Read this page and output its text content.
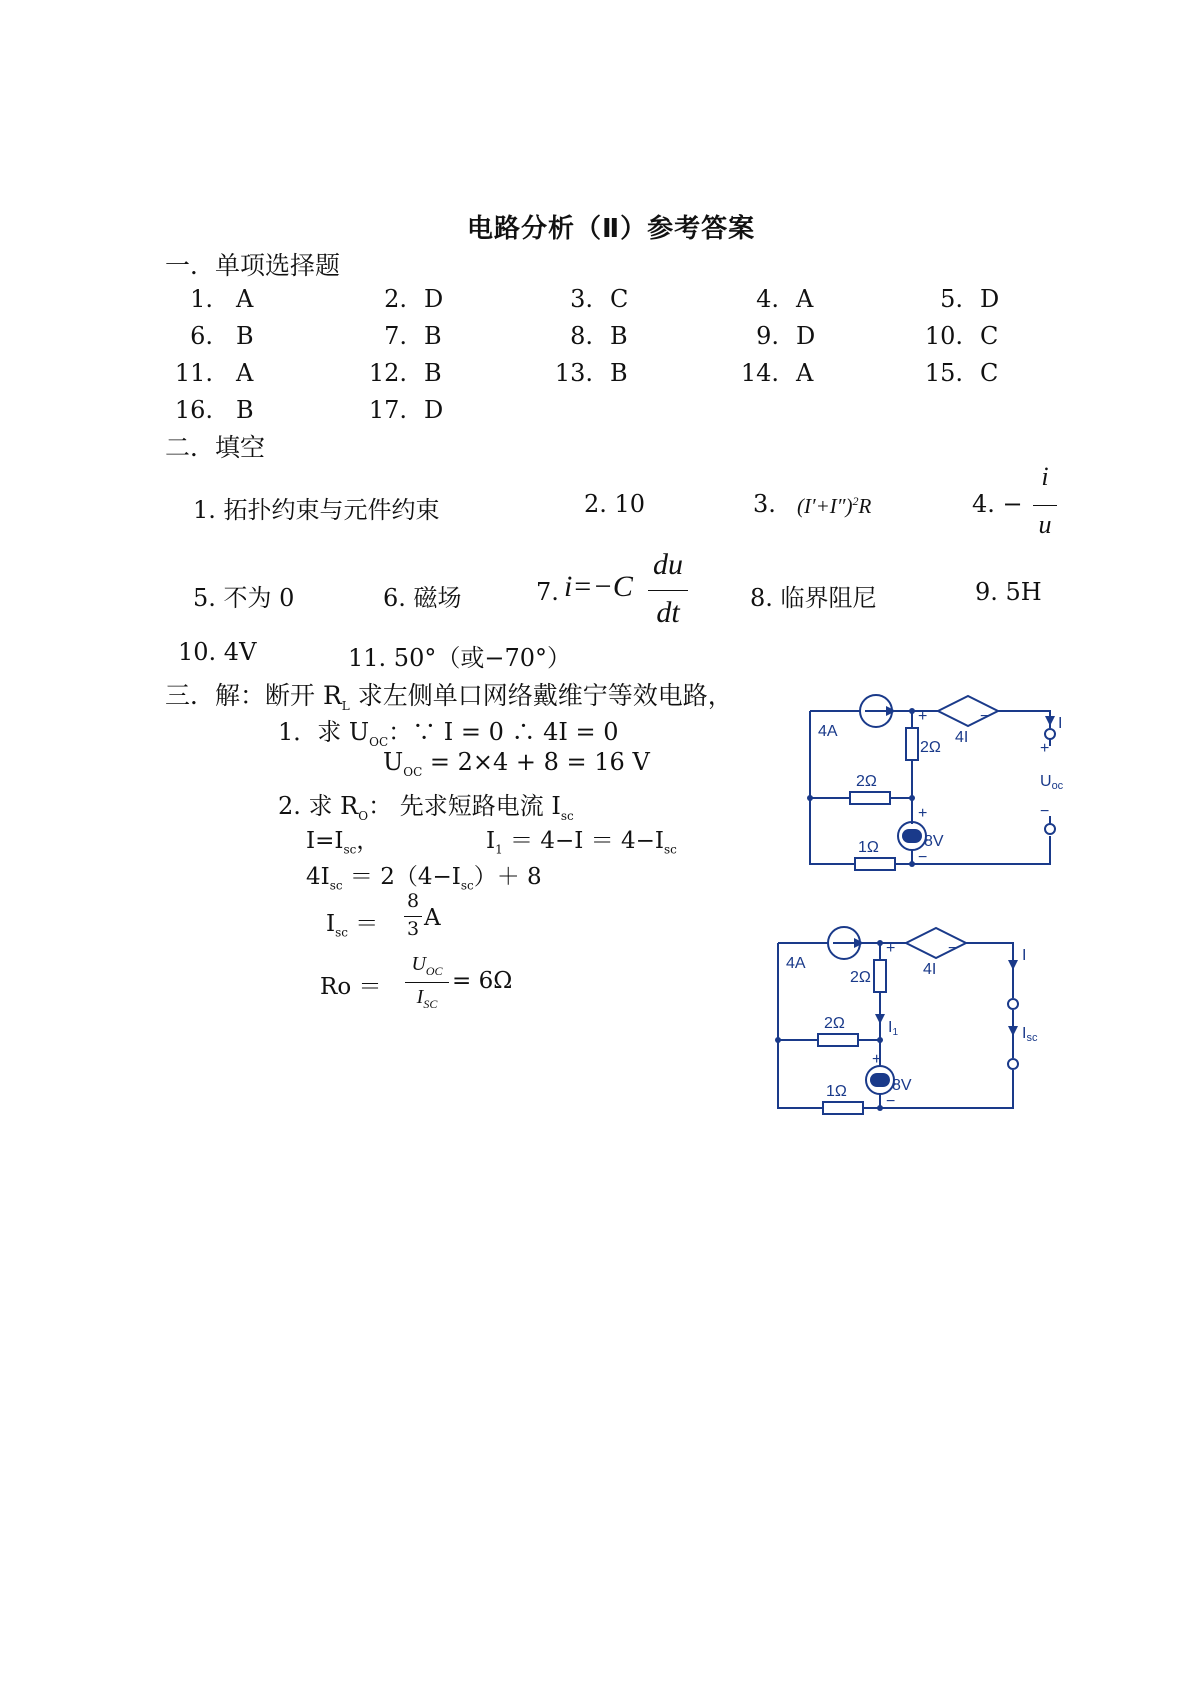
电路分析（Ⅱ）参考答案
一．单项选择题
1. A	2. D	3. C	4. A	5. D
6. B	7. B	8. B	9. D	10. C
11. A	12. B	13. B	14. A	15. C
16. B	17. D
二．填空
1. 拓扑约束与元件约束	2. 10	3. $(I'+I'')^2R$	4. −
i
u
5. 不为 0	6. 磁场	7. i=−C
du
dt	8. 临界阻尼	9. 5H
10. 4V	11. 50°（或−70°）
三．解：断开 $R_L$ 求左侧单口网络戴维宁等效电路，
1．求 $U_{OC}$：∵ I = 0 ∴ 4I = 0
$U_{OC} = 2\times 4 + 8 = 16$ V
2. 求 $R_O$： 先求短路电流 $I_{sc}$
$I=I_{sc}$，	$I_1 = 4-I = 4-I_{sc}$
$4I_{sc} = 2(4-I_{sc})+ 8$
$I_{sc}$ ＝
8
3 A
Ro ＝
$U_{OC}$
$I_{SC}$
= 6Ω
4A	4I
2Ω
2Ω
1Ω	8V
I
Uoc
+	−
+
−
+
−
4A	4I
2Ω
2Ω
1Ω	8V
I
I1	Isc
+	−
+
−
